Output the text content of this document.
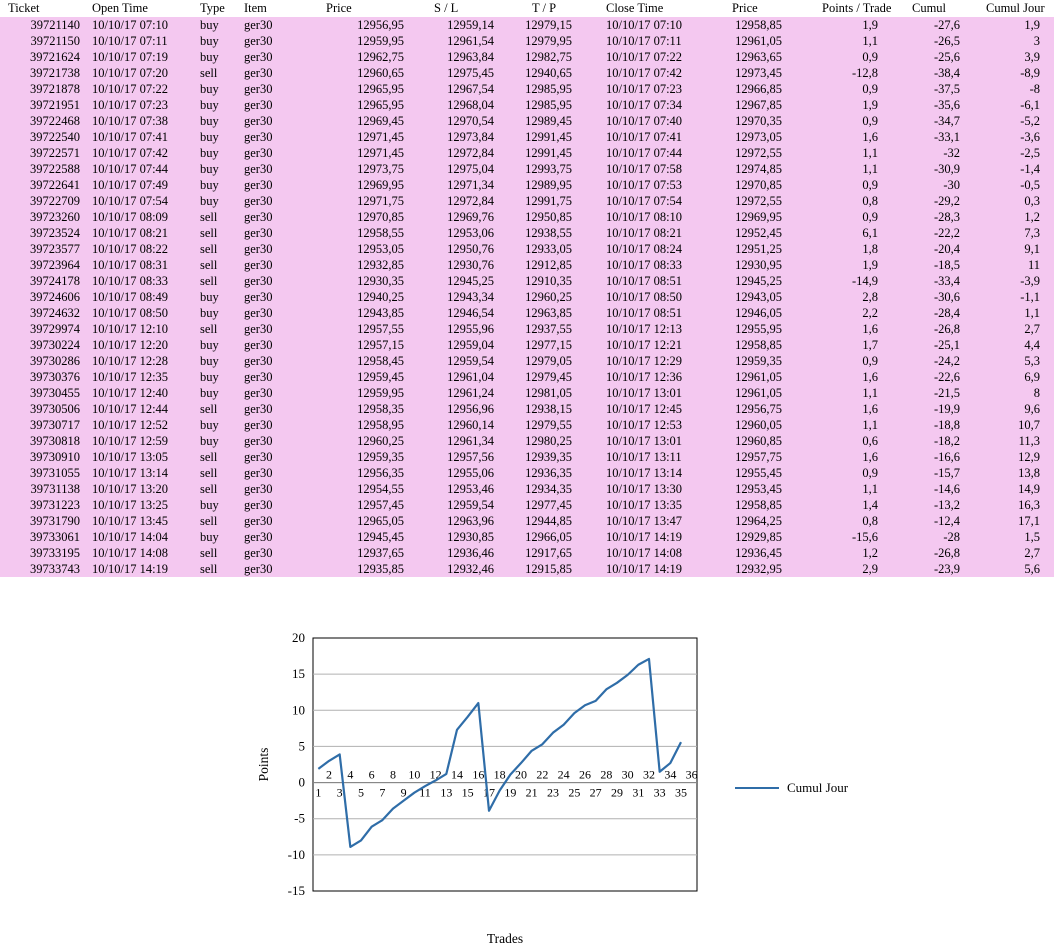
Ticket	Open Time	Type	Item	Price	S / L	T / P	Close Time	Price	Points / Trade	Cumul	Cumul Jour
39721140	10/10/17 07:10	buy	ger30	12956,95	12959,14	12979,15	10/10/17 07:10	12958,85	1,9	-27,6	1,9
39721150	10/10/17 07:11	buy	ger30	12959,95	12961,54	12979,95	10/10/17 07:11	12961,05	1,1	-26,5	3
39721624	10/10/17 07:19	buy	ger30	12962,75	12963,84	12982,75	10/10/17 07:22	12963,65	0,9	-25,6	3,9
39721738	10/10/17 07:20	sell	ger30	12960,65	12975,45	12940,65	10/10/17 07:42	12973,45	-12,8	-38,4	-8,9
39721878	10/10/17 07:22	buy	ger30	12965,95	12967,54	12985,95	10/10/17 07:23	12966,85	0,9	-37,5	-8
39721951	10/10/17 07:23	buy	ger30	12965,95	12968,04	12985,95	10/10/17 07:34	12967,85	1,9	-35,6	-6,1
39722468	10/10/17 07:38	buy	ger30	12969,45	12970,54	12989,45	10/10/17 07:40	12970,35	0,9	-34,7	-5,2
39722540	10/10/17 07:41	buy	ger30	12971,45	12973,84	12991,45	10/10/17 07:41	12973,05	1,6	-33,1	-3,6
39722571	10/10/17 07:42	buy	ger30	12971,45	12972,84	12991,45	10/10/17 07:44	12972,55	1,1	-32	-2,5
39722588	10/10/17 07:44	buy	ger30	12973,75	12975,04	12993,75	10/10/17 07:58	12974,85	1,1	-30,9	-1,4
39722641	10/10/17 07:49	buy	ger30	12969,95	12971,34	12989,95	10/10/17 07:53	12970,85	0,9	-30	-0,5
39722709	10/10/17 07:54	buy	ger30	12971,75	12972,84	12991,75	10/10/17 07:54	12972,55	0,8	-29,2	0,3
39723260	10/10/17 08:09	sell	ger30	12970,85	12969,76	12950,85	10/10/17 08:10	12969,95	0,9	-28,3	1,2
39723524	10/10/17 08:21	sell	ger30	12958,55	12953,06	12938,55	10/10/17 08:21	12952,45	6,1	-22,2	7,3
39723577	10/10/17 08:22	sell	ger30	12953,05	12950,76	12933,05	10/10/17 08:24	12951,25	1,8	-20,4	9,1
39723964	10/10/17 08:31	sell	ger30	12932,85	12930,76	12912,85	10/10/17 08:33	12930,95	1,9	-18,5	11
39724178	10/10/17 08:33	sell	ger30	12930,35	12945,25	12910,35	10/10/17 08:51	12945,25	-14,9	-33,4	-3,9
39724606	10/10/17 08:49	buy	ger30	12940,25	12943,34	12960,25	10/10/17 08:50	12943,05	2,8	-30,6	-1,1
39724632	10/10/17 08:50	buy	ger30	12943,85	12946,54	12963,85	10/10/17 08:51	12946,05	2,2	-28,4	1,1
39729974	10/10/17 12:10	sell	ger30	12957,55	12955,96	12937,55	10/10/17 12:13	12955,95	1,6	-26,8	2,7
39730224	10/10/17 12:20	buy	ger30	12957,15	12959,04	12977,15	10/10/17 12:21	12958,85	1,7	-25,1	4,4
39730286	10/10/17 12:28	buy	ger30	12958,45	12959,54	12979,05	10/10/17 12:29	12959,35	0,9	-24,2	5,3
39730376	10/10/17 12:35	buy	ger30	12959,45	12961,04	12979,45	10/10/17 12:36	12961,05	1,6	-22,6	6,9
39730455	10/10/17 12:40	buy	ger30	12959,95	12961,24	12981,05	10/10/17 13:01	12961,05	1,1	-21,5	8
39730506	10/10/17 12:44	sell	ger30	12958,35	12956,96	12938,15	10/10/17 12:45	12956,75	1,6	-19,9	9,6
39730717	10/10/17 12:52	buy	ger30	12958,95	12960,14	12979,55	10/10/17 12:53	12960,05	1,1	-18,8	10,7
39730818	10/10/17 12:59	buy	ger30	12960,25	12961,34	12980,25	10/10/17 13:01	12960,85	0,6	-18,2	11,3
39730910	10/10/17 13:05	sell	ger30	12959,35	12957,56	12939,35	10/10/17 13:11	12957,75	1,6	-16,6	12,9
39731055	10/10/17 13:14	sell	ger30	12956,35	12955,06	12936,35	10/10/17 13:14	12955,45	0,9	-15,7	13,8
39731138	10/10/17 13:20	sell	ger30	12954,55	12953,46	12934,35	10/10/17 13:30	12953,45	1,1	-14,6	14,9
39731223	10/10/17 13:25	buy	ger30	12957,45	12959,54	12977,45	10/10/17 13:35	12958,85	1,4	-13,2	16,3
39731790	10/10/17 13:45	sell	ger30	12965,05	12963,96	12944,85	10/10/17 13:47	12964,25	0,8	-12,4	17,1
39733061	10/10/17 14:04	buy	ger30	12945,45	12930,85	12966,05	10/10/17 14:19	12929,85	-15,6	-28	1,5
39733195	10/10/17 14:08	sell	ger30	12937,65	12936,46	12917,65	10/10/17 14:08	12936,45	1,2	-26,8	2,7
39733743	10/10/17 14:19	sell	ger30	12935,85	12932,46	12915,85	10/10/17 14:19	12932,95	2,9	-23,9	5,6
-15
-10
-5
0
5
10
15
20
1
2
3
4
5
6
7
8
9
10
11
12
13
14
15
16
17
18
19
20
21
22
23
24
25
26
27
28
29
30
31
32
33
34
35
36
Trades
Points
Cumul Jour
